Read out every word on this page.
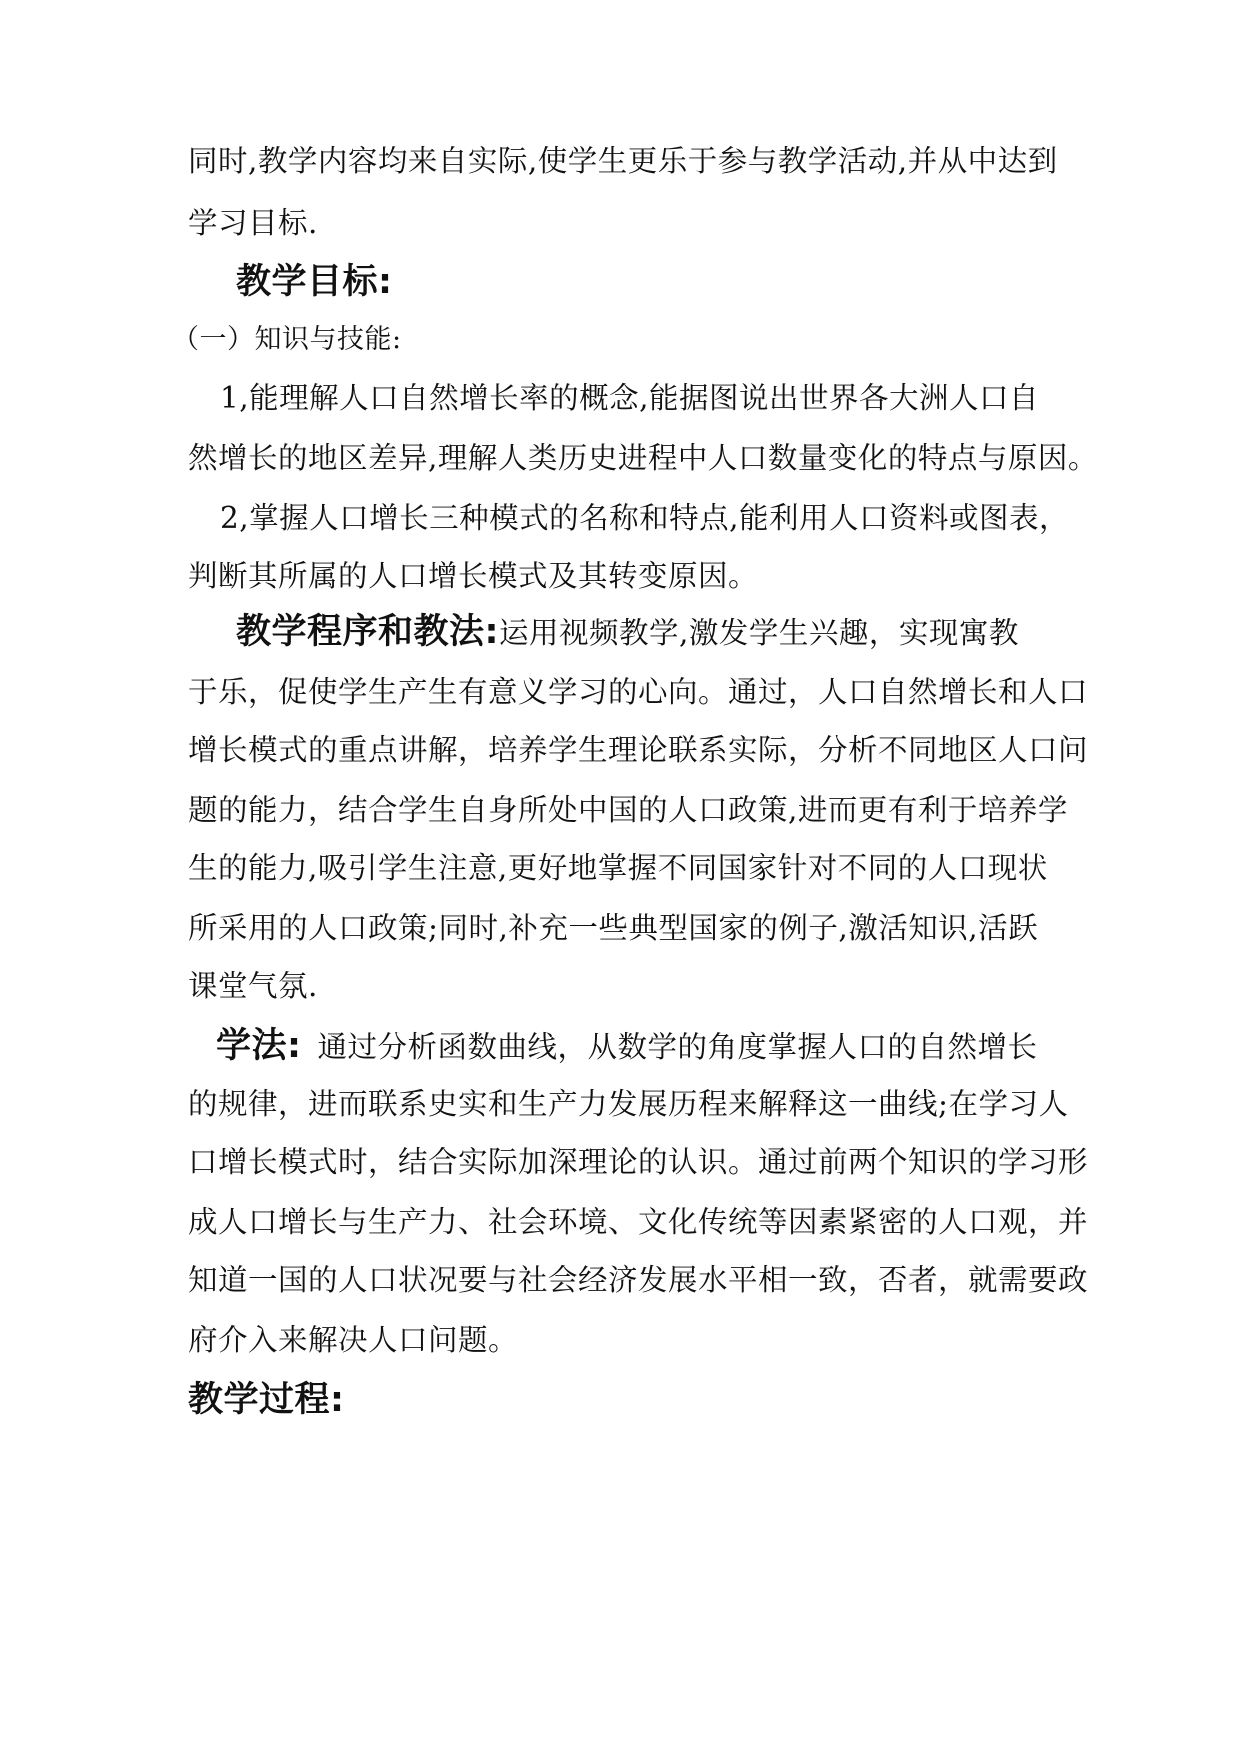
同时,教学内容均来自实际,使学生更乐于参与教学活动,并从中达到
学习目标.
教学目标:
（一）知识与技能:
1,能理解人口自然增长率的概念,能据图说出世界各大洲人口自
然增长的地区差异,理解人类历史进程中人口数量变化的特点与原因。
2,掌握人口增长三种模式的名称和特点,能利用人口资料或图表，
判断其所属的人口增长模式及其转变原因。
教学程序和教法:运用视频教学,激发学生兴趣，实现寓教
于乐，促使学生产生有意义学习的心向。通过，人口自然增长和人口
增长模式的重点讲解，培养学生理论联系实际，分析不同地区人口问
题的能力，结合学生自身所处中国的人口政策,进而更有利于培养学
生的能力,吸引学生注意,更好地掌握不同国家针对不同的人口现状
所采用的人口政策;同时,补充一些典型国家的例子,激活知识,活跃
课堂气氛.
学法: 通过分析函数曲线，从数学的角度掌握人口的自然增长
的规律，进而联系史实和生产力发展历程来解释这一曲线;在学习人
口增长模式时，结合实际加深理论的认识。通过前两个知识的学习形
成人口增长与生产力、社会环境、文化传统等因素紧密的人口观，并
知道一国的人口状况要与社会经济发展水平相一致，否者，就需要政
府介入来解决人口问题。
教学过程:
